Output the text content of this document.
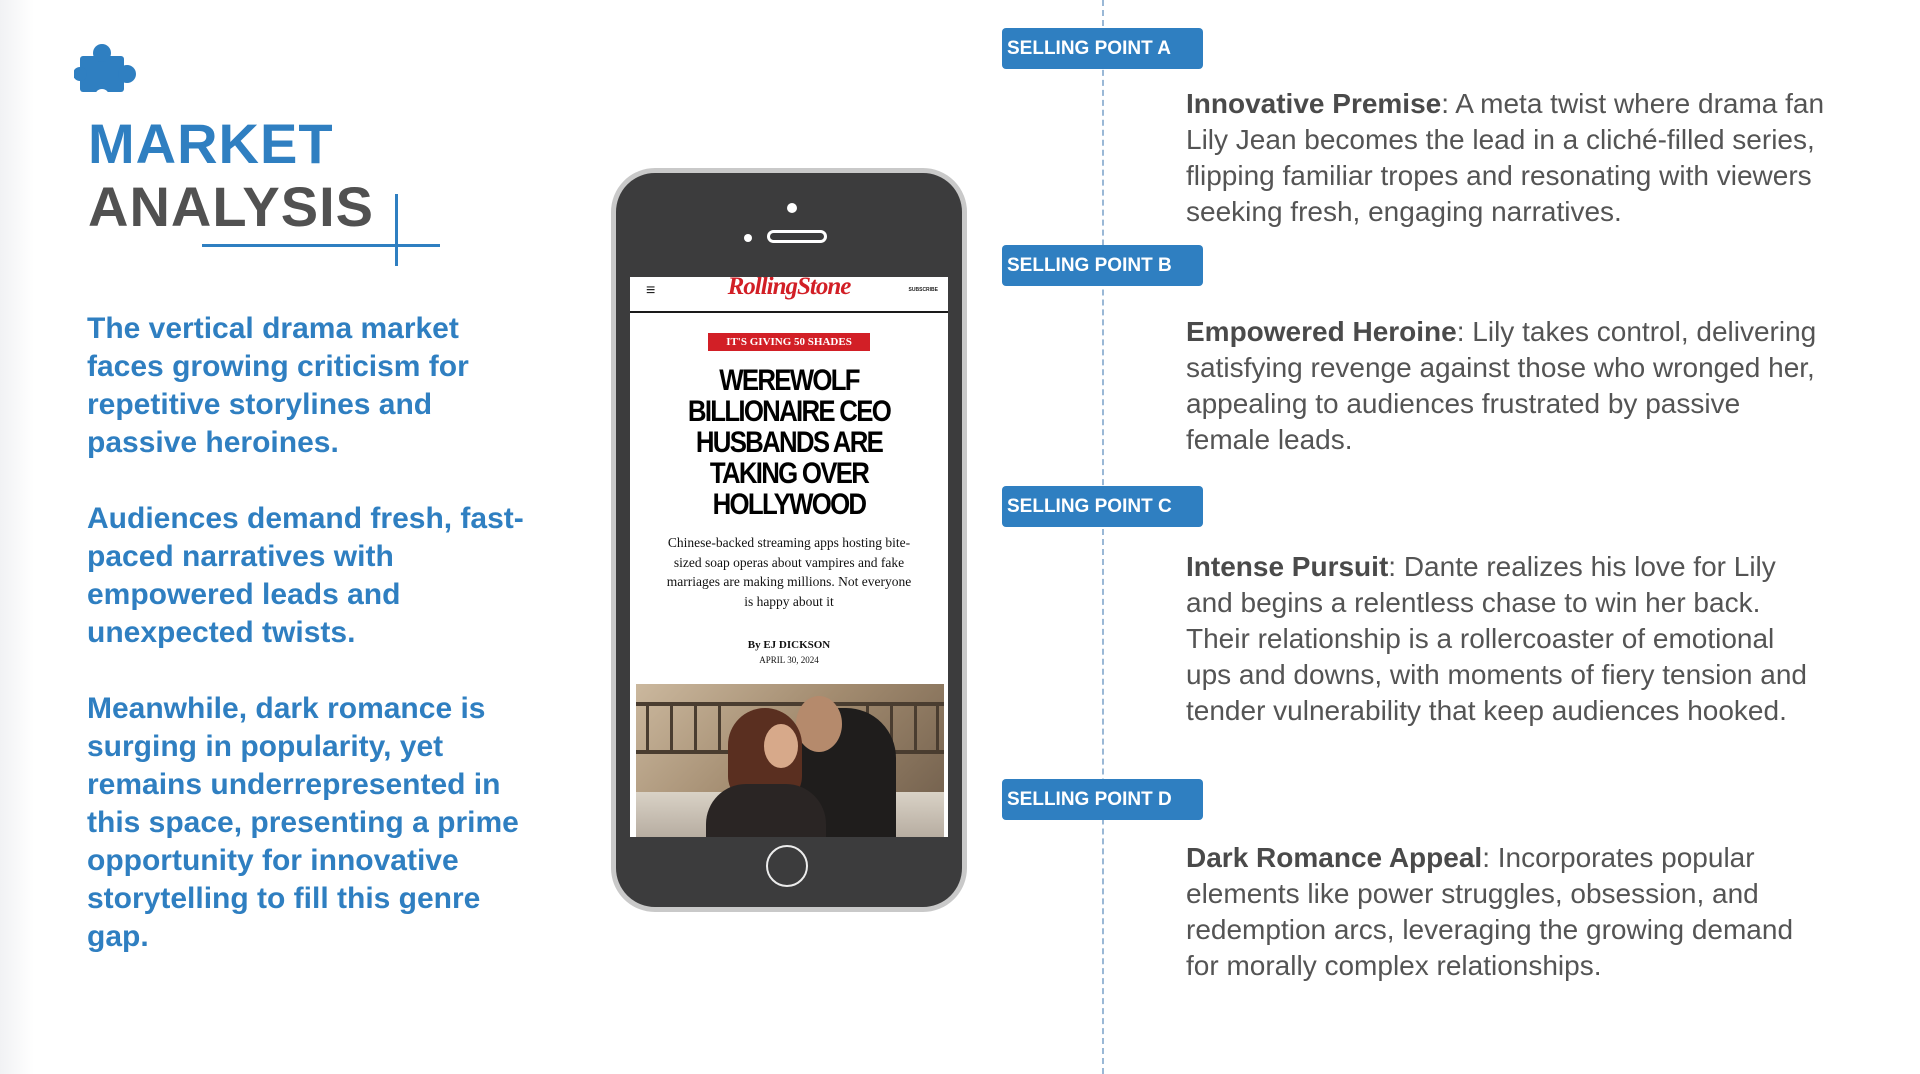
MARKET
ANALYSIS

The vertical drama market faces growing criticism for repetitive storylines and passive heroines.

Audiences demand fresh, fast-paced narratives with empowered leads and unexpected twists.

Meanwhile, dark romance is surging in popularity, yet remains underrepresented in this space, presenting a prime opportunity for innovative storytelling to fill this genre gap.

≡	RollingStone	SUBSCRIBE
IT'S GIVING 50 SHADES
WEREWOLF BILLIONAIRE CEO HUSBANDS ARE TAKING OVER HOLLYWOOD

Chinese-backed streaming apps hosting bite-sized soap operas about vampires and fake marriages are making millions. Not everyone is happy about it

By EJ DICKSON
APRIL 30, 2024
SELLING POINT A

Innovative Premise: A meta twist where drama fan Lily Jean becomes the lead in a cliché-filled series, flipping familiar tropes and resonating with viewers seeking fresh, engaging narratives.

SELLING POINT B

Empowered Heroine: Lily takes control, delivering satisfying revenge against those who wronged her, appealing to audiences frustrated by passive female leads.

SELLING POINT C

Intense Pursuit: Dante realizes his love for Lily and begins a relentless chase to win her back. Their relationship is a rollercoaster of emotional ups and downs, with moments of fiery tension and tender vulnerability that keep audiences hooked.

SELLING POINT D

Dark Romance Appeal: Incorporates popular elements like power struggles, obsession, and redemption arcs, leveraging the growing demand for morally complex relationships.
